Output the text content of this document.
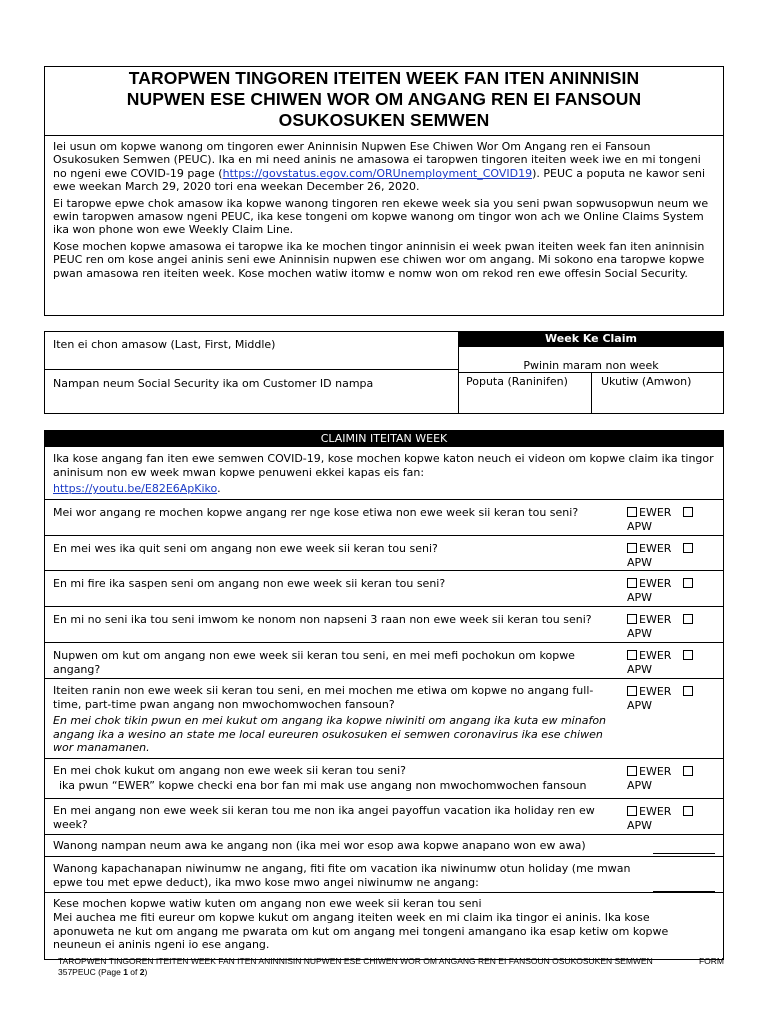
TAROPWEN TINGOREN ITEITEN WEEK FAN ITEN ANINNISIN
NUPWEN ESE CHIWEN WOR OM ANGANG REN EI FANSOUN
OSUKOSUKEN SEMWEN

Iei usun om kopwe wanong om tingoren ewer Aninnisin Nupwen Ese Chiwen Wor Om Angang ren ei Fansoun Osukosuken Semwen (PEUC). Ika en mi need aninis ne amasowa ei taropwen tingoren iteiten week iwe en mi tongeni no ngeni ewe COVID-19 page (https://govstatus.egov.com/ORUnemployment_COVID19). PEUC a poputa ne kawor seni ewe weekan March 29, 2020 tori ena weekan December 26, 2020.

Ei taropwe epwe chok amasow ika kopwe wanong tingoren ren ekewe week sia you seni pwan sopwusopwun neum we ewin taropwen amasow ngeni PEUC, ika kese tongeni om kopwe wanong om tingor won ach we Online Claims System ika won phone won ewe Weekly Claim Line.

Kose mochen kopwe amasowa ei taropwe ika ke mochen tingor aninnisin ei week pwan iteiten week fan iten aninnisin PEUC ren om kose angei aninis seni ewe Aninnisin nupwen ese chiwen wor om angang. Mi sokono ena taropwe kopwe pwan amasowa ren iteiten week. Kose mochen watiw itomw e nomw won om rekod ren ewe offesin Social Security.

Iten ei chon amasow (Last, First, Middle)
Nampan neum Social Security ika om Customer ID nampa
Week Ke Claim
Pwinin maram non week
Poputa (Raninifen)	Ukutiw (Amwon)
CLAIMIN ITEITAN WEEK
Ika kose angang fan iten ewe semwen COVID-19, kose mochen kopwe katon neuch ei videon om kopwe claim ika tingor aninisum non ew week mwan kopwe penuweni ekkei kapas eis fan:
https://youtu.be/E82E6ApKiko.
Mei wor angang re mochen kopwe angang rer nge kose etiwa non ewe week sii keran tou seni?	EWER
APW
En mei wes ika quit seni om angang non ewe week sii keran tou seni?	EWER
APW
En mi fire ika saspen seni om angang non ewe week sii keran tou seni?	EWER
APW
En mi no seni ika tou seni imwom ke nonom non napseni 3 raan non ewe week sii keran tou seni?	EWER
APW
Nupwen om kut om angang non ewe week sii keran tou seni, en mei mefi pochokun om kopwe angang?
EWER
APW
Iteiten ranin non ewe week sii keran tou seni, en mei mochen me etiwa om kopwe no angang full-time, part-time pwan angang non mwochomwochen fansoun?
En mei chok tikin pwun en mei kukut om angang ika kopwe niwiniti om angang ika kuta ew minafon angang ika a wesino an state me local eureuren osukosuken ei semwen coronavirus ika ese chiwen wor manamanen.
EWER
APW
En mei chok kukut om angang non ewe week sii keran tou seni?
ika pwun “EWER” kopwe checki ena bor fan mi mak use angang non mwochomwochen fansoun
EWER
APW
En mei angang non ewe week sii keran tou me non ika angei payoffun vacation ika holiday ren ew week?
EWER
APW
Wanong nampan neum awa ke angang non (ika mei wor esop awa kopwe anapano won ew awa)
Wanong kapachanapan niwinumw ne angang, fiti fite om vacation ika niwinumw otun holiday (me mwan epwe tou met epwe deduct), ika mwo kose mwo angei niwinumw ne angang:
Kese mochen kopwe watiw kuten om angang non ewe week sii keran tou seni
Mei auchea me fiti eureur om kopwe kukut om angang iteiten week en mi claim ika tingor ei aninis. Ika kose aponuweta ne kut om angang me pwarata om kut om angang mei tongeni amangano ika esap ketiw om kopwe neuneun ei aninis ngeni io ese angang.
TAROPWEN TINGOREN ITEITEN WEEK FAN ITEN ANINNISIN NUPWEN ESE CHIWEN WOR OM ANGANG REN EI FANSOUN OSUKOSUKEN SEMWEN	FORM
357PEUC (Page 1 of 2)
